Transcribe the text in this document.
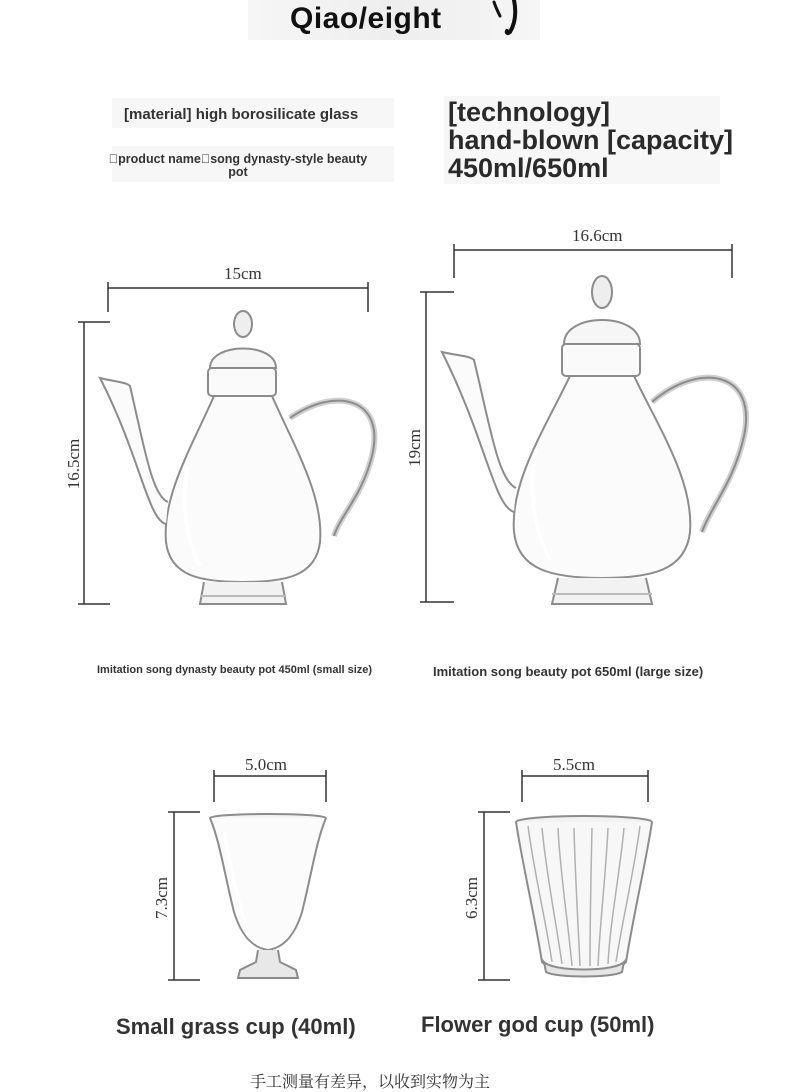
Qiao/eight
[material] high borosilicate glass
 product name song dynasty-style beauty pot
[technology]
hand-blown [capacity]
450ml/650ml
15cm
16.5cm
16.6cm
19cm
5.0cm
7.3cm
5.5cm
6.3cm
Imitation song dynasty beauty pot 450ml (small size)	Imitation song beauty pot 650ml (large size)
Small grass cup (40ml)	Flower god cup (50ml)
手工测量有差异，以收到实物为主
